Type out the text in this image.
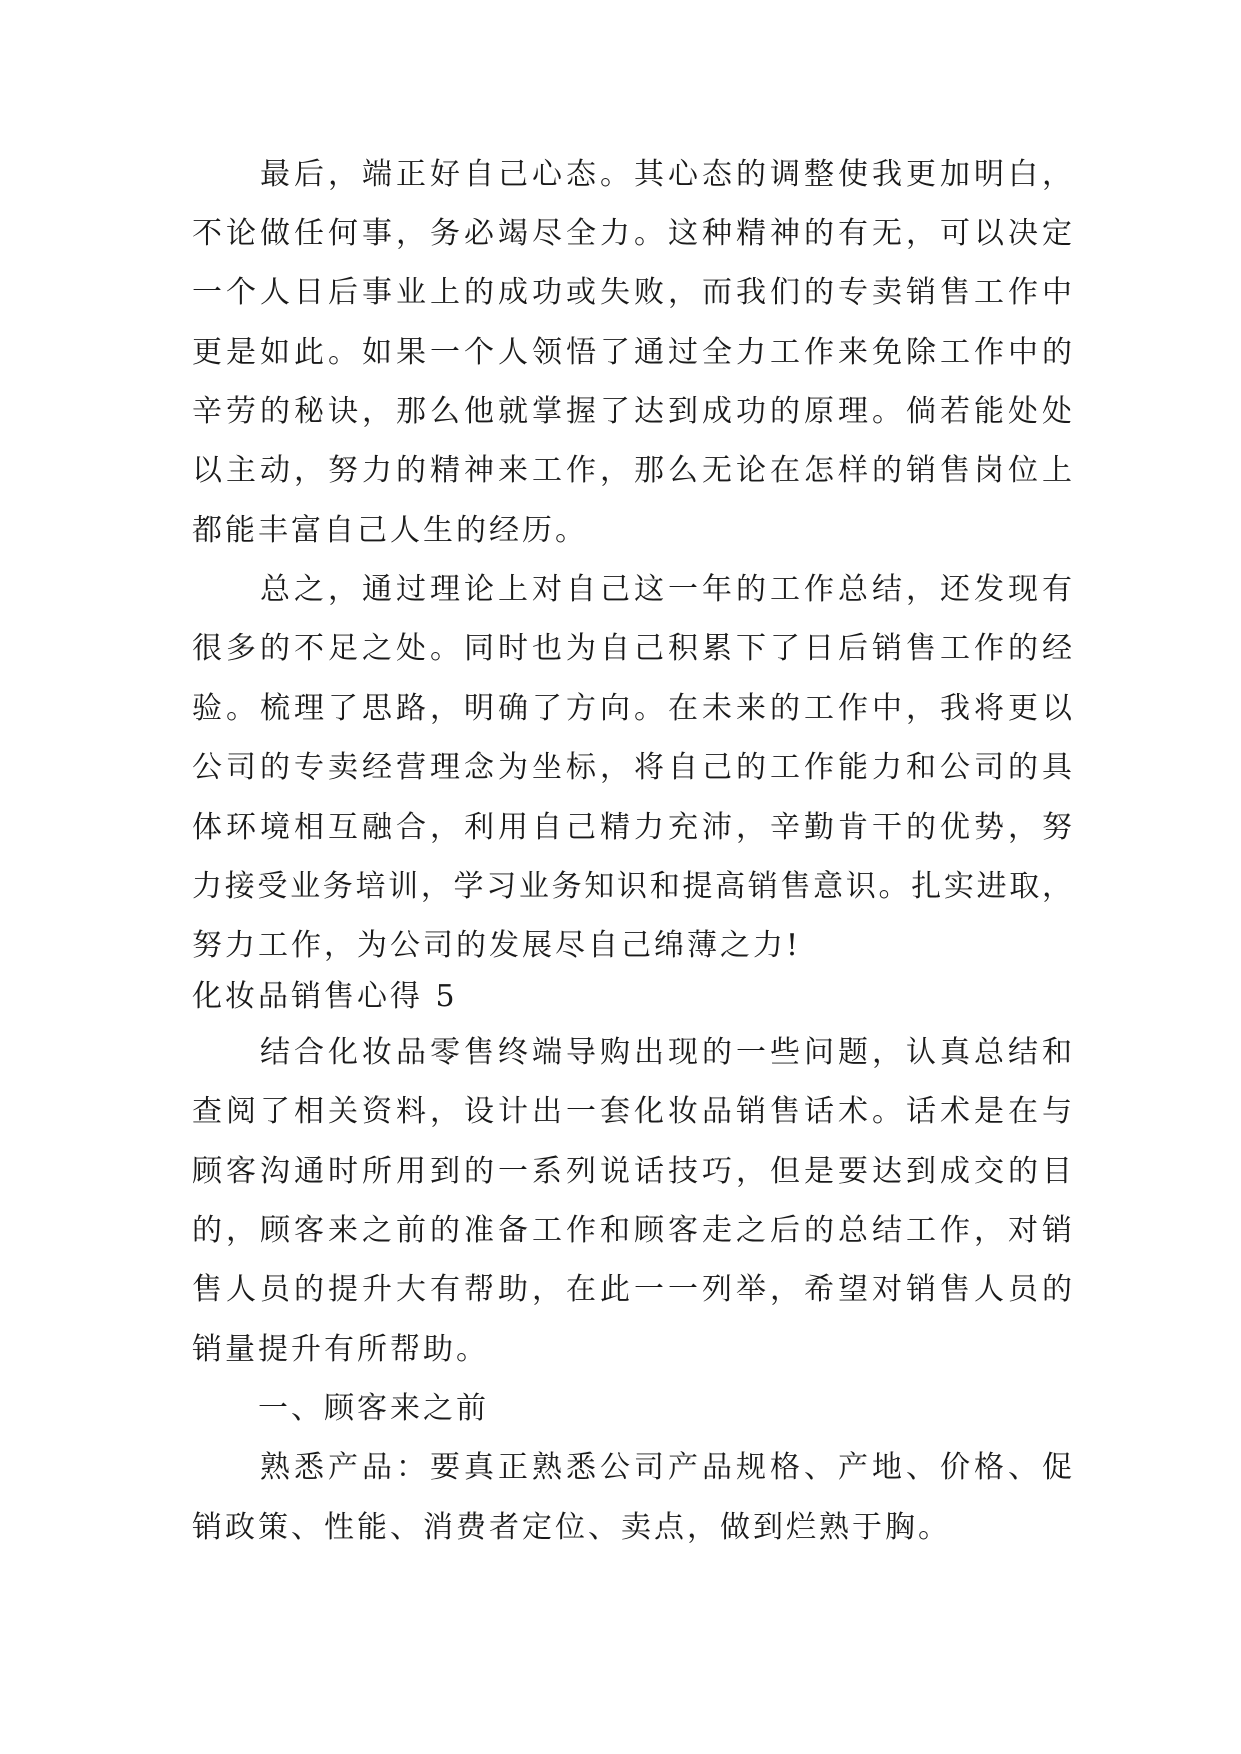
　　最后，端正好自己心态。其心态的调整使我更加明白，
不论做任何事，务必竭尽全力。这种精神的有无，可以决定
一个人日后事业上的成功或失败，而我们的专卖销售工作中
更是如此。如果一个人领悟了通过全力工作来免除工作中的
辛劳的秘诀，那么他就掌握了达到成功的原理。倘若能处处
以主动，努力的精神来工作，那么无论在怎样的销售岗位上
都能丰富自己人生的经历。
　　总之，通过理论上对自己这一年的工作总结，还发现有
很多的不足之处。同时也为自己积累下了日后销售工作的经
验。梳理了思路，明确了方向。在未来的工作中，我将更以
公司的专卖经营理念为坐标，将自己的工作能力和公司的具
体环境相互融合，利用自己精力充沛，辛勤肯干的优势，努
力接受业务培训，学习业务知识和提高销售意识。扎实进取，
努力工作，为公司的发展尽自己绵薄之力!
化妆品销售心得 5
　　结合化妆品零售终端导购出现的一些问题，认真总结和
查阅了相关资料，设计出一套化妆品销售话术。话术是在与
顾客沟通时所用到的一系列说话技巧，但是要达到成交的目
的，顾客来之前的准备工作和顾客走之后的总结工作，对销
售人员的提升大有帮助，在此一一列举，希望对销售人员的
销量提升有所帮助。
　　一、顾客来之前
　　熟悉产品：要真正熟悉公司产品规格、产地、价格、促
销政策、性能、消费者定位、卖点，做到烂熟于胸。
